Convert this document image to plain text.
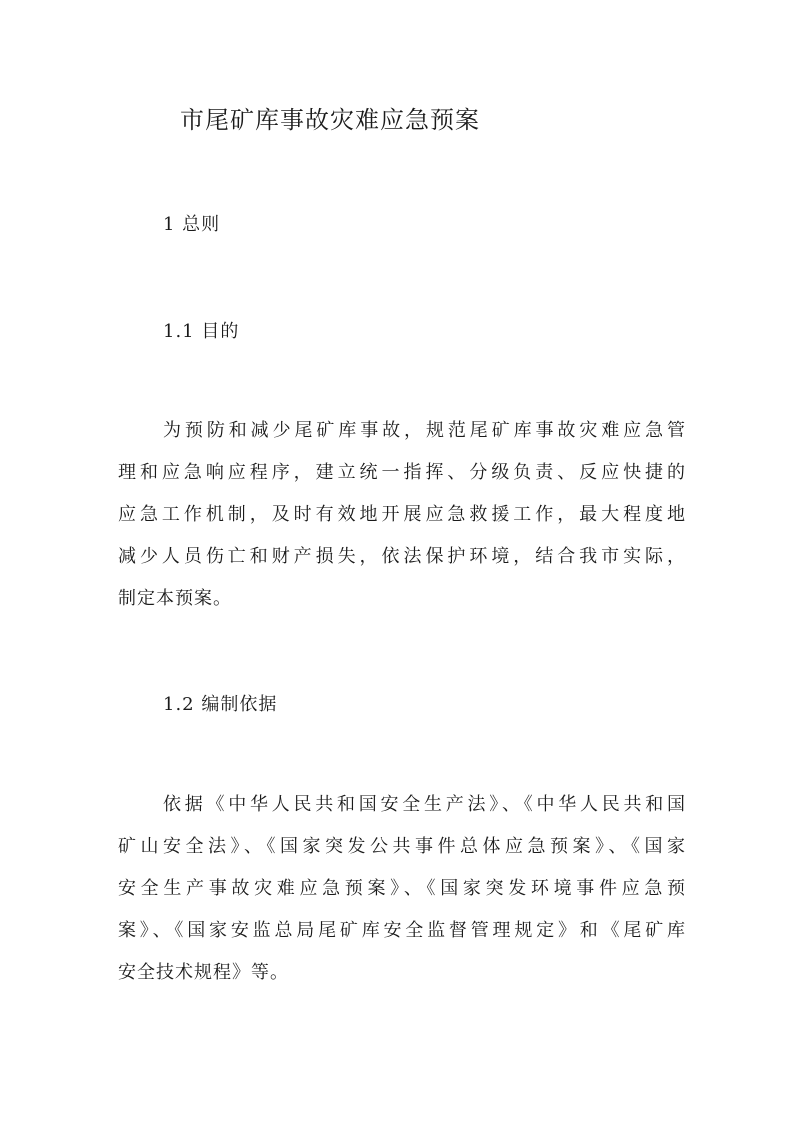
市尾矿库事故灾难应急预案
1 总则
1.1 目的
为预防和减少尾矿库事故，规范尾矿库事故灾难应急管
理和应急响应程序，建立统一指挥、分级负责、反应快捷的
应急工作机制，及时有效地开展应急救援工作，最大程度地
减少人员伤亡和财产损失，依法保护环境，结合我市实际，
制定本预案。
1.2 编制依据
依据《中华人民共和国安全生产法》、《中华人民共和国
矿山安全法》、《国家突发公共事件总体应急预案》、《国家
安全生产事故灾难应急预案》、《国家突发环境事件应急预
案》、《国家安监总局尾矿库安全监督管理规定》和《尾矿库
安全技术规程》等。
